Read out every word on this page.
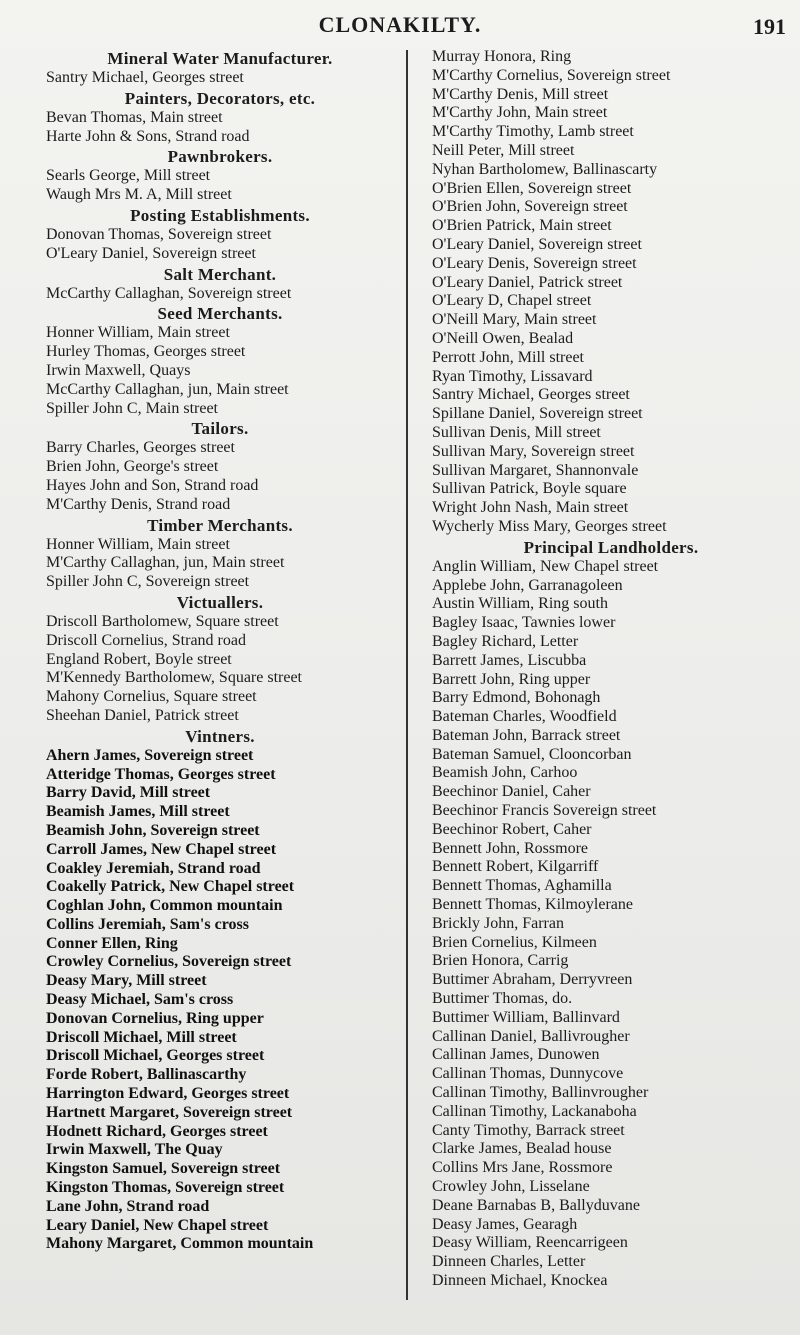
CLONAKILTY.	191
Mineral Water Manufacturer.
Santry Michael, Georges street
Painters, Decorators, etc.
Bevan Thomas, Main street
Harte John & Sons, Strand road
Pawnbrokers.
Searls George, Mill street
Waugh Mrs M. A, Mill street
Posting Establishments.
Donovan Thomas, Sovereign street
O'Leary Daniel, Sovereign street
Salt Merchant.
McCarthy Callaghan, Sovereign street
Seed Merchants.
Honner William, Main street
Hurley Thomas, Georges street
Irwin Maxwell, Quays
McCarthy Callaghan, jun, Main street
Spiller John C, Main street
Tailors.
Barry Charles, Georges street
Brien John, George's street
Hayes John and Son, Strand road
M'Carthy Denis, Strand road
Timber Merchants.
Honner William, Main street
M'Carthy Callaghan, jun, Main street
Spiller John C, Sovereign street
Victuallers.
Driscoll Bartholomew, Square street
Driscoll Cornelius, Strand road
England Robert, Boyle street
M'Kennedy Bartholomew, Square street
Mahony Cornelius, Square street
Sheehan Daniel, Patrick street
Vintners.
Ahern James, Sovereign street
Atteridge Thomas, Georges street
Barry David, Mill street
Beamish James, Mill street
Beamish John, Sovereign street
Carroll James, New Chapel street
Coakley Jeremiah, Strand road
Coakelly Patrick, New Chapel street
Coghlan John, Common mountain
Collins Jeremiah, Sam's cross
Conner Ellen, Ring
Crowley Cornelius, Sovereign street
Deasy Mary, Mill street
Deasy Michael, Sam's cross
Donovan Cornelius, Ring upper
Driscoll Michael, Mill street
Driscoll Michael, Georges street
Forde Robert, Ballinascarthy
Harrington Edward, Georges street
Hartnett Margaret, Sovereign street
Hodnett Richard, Georges street
Irwin Maxwell, The Quay
Kingston Samuel, Sovereign street
Kingston Thomas, Sovereign street
Lane John, Strand road
Leary Daniel, New Chapel street
Mahony Margaret, Common mountain
Murray Honora, Ring
M'Carthy Cornelius, Sovereign street
M'Carthy Denis, Mill street
M'Carthy John, Main street
M'Carthy Timothy, Lamb street
Neill Peter, Mill street
Nyhan Bartholomew, Ballinascarty
O'Brien Ellen, Sovereign street
O'Brien John, Sovereign street
O'Brien Patrick, Main street
O'Leary Daniel, Sovereign street
O'Leary Denis, Sovereign street
O'Leary Daniel, Patrick street
O'Leary D, Chapel street
O'Neill Mary, Main street
O'Neill Owen, Bealad
Perrott John, Mill street
Ryan Timothy, Lissavard
Santry Michael, Georges street
Spillane Daniel, Sovereign street
Sullivan Denis, Mill street
Sullivan Mary, Sovereign street
Sullivan Margaret, Shannonvale
Sullivan Patrick, Boyle square
Wright John Nash, Main street
Wycherly Miss Mary, Georges street
Principal Landholders.
Anglin William, New Chapel street
Applebe John, Garranagoleen
Austin William, Ring south
Bagley Isaac, Tawnies lower
Bagley Richard, Letter
Barrett James, Liscubba
Barrett John, Ring upper
Barry Edmond, Bohonagh
Bateman Charles, Woodfield
Bateman John, Barrack street
Bateman Samuel, Clooncorban
Beamish John, Carhoo
Beechinor Daniel, Caher
Beechinor Francis Sovereign street
Beechinor Robert, Caher
Bennett John, Rossmore
Bennett Robert, Kilgarriff
Bennett Thomas, Aghamilla
Bennett Thomas, Kilmoylerane
Brickly John, Farran
Brien Cornelius, Kilmeen
Brien Honora, Carrig
Buttimer Abraham, Derryvreen
Buttimer Thomas, do.
Buttimer William, Ballinvard
Callinan Daniel, Ballivrougher
Callinan James, Dunowen
Callinan Thomas, Dunnycove
Callinan Timothy, Ballinvrougher
Callinan Timothy, Lackanaboha
Canty Timothy, Barrack street
Clarke James, Bealad house
Collins Mrs Jane, Rossmore
Crowley John, Lisselane
Deane Barnabas B, Ballyduvane
Deasy James, Gearagh
Deasy William, Reencarrigeen
Dinneen Charles, Letter
Dinneen Michael, Knockea
